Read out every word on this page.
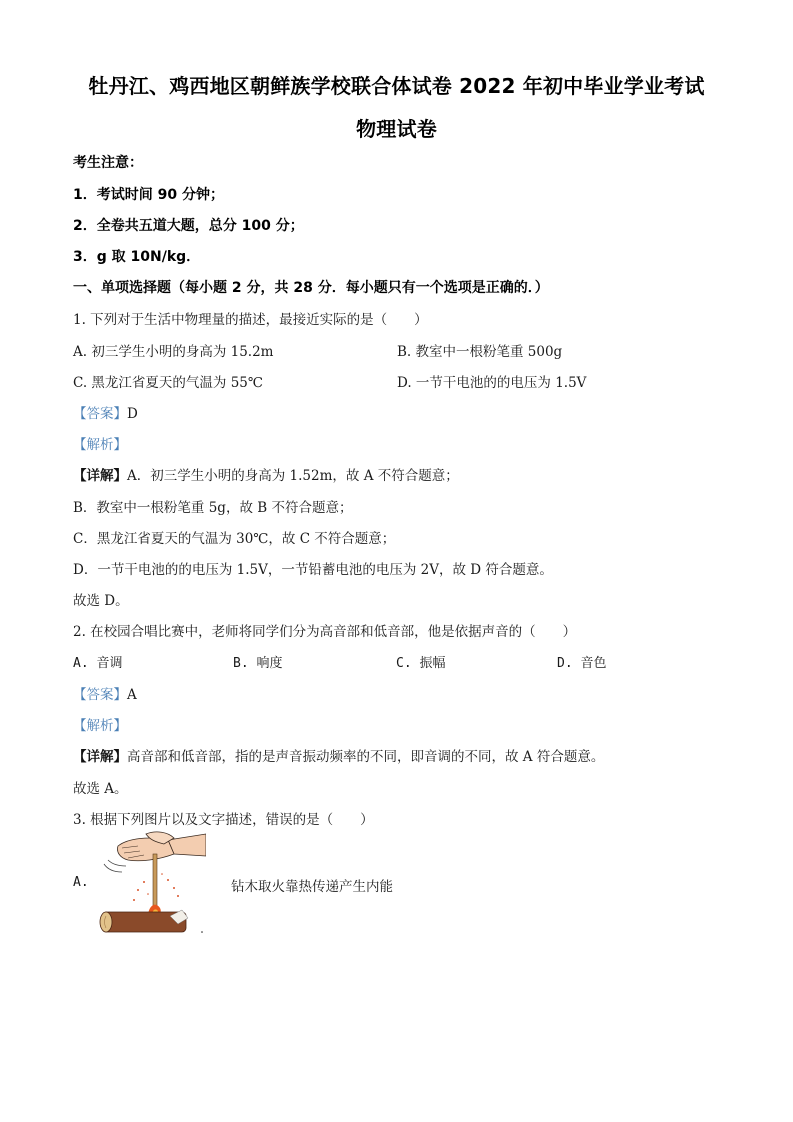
牡丹江、鸡西地区朝鲜族学校联合体试卷 2022 年初中毕业学业考试
物理试卷
考生注意：
1．考试时间 90 分钟；
2．全卷共五道大题，总分 100 分；
3．g 取 10N/kg．
一、单项选择题（每小题 2 分，共 28 分．每小题只有一个选项是正确的．）
1. 下列对于生活中物理量的描述，最接近实际的是（　　）
A. 初三学生小明的身高为 15.2m	B. 教室中一根粉笔重 500g
C. 黑龙江省夏天的气温为 55℃	D. 一节干电池的的电压为 1.5V
【答案】D
【解析】
【详解】A．初三学生小明的身高为 1.52m，故 A 不符合题意；
B．教室中一根粉笔重 5g，故 B 不符合题意；
C．黑龙江省夏天的气温为 30℃，故 C 不符合题意；
D．一节干电池的的电压为 1.5V，一节铅蓄电池的电压为 2V，故 D 符合题意。
故选 D。
2. 在校园合唱比赛中，老师将同学们分为高音部和低音部，他是依据声音的（　　）
A. 音调	B. 响度	C. 振幅	D. 音色
【答案】A
【解析】
【详解】高音部和低音部，指的是声音振动频率的不同，即音调的不同，故 A 符合题意。
故选 A。
3. 根据下列图片以及文字描述，错误的是（　　）
A.	钻木取火靠热传递产生内能
